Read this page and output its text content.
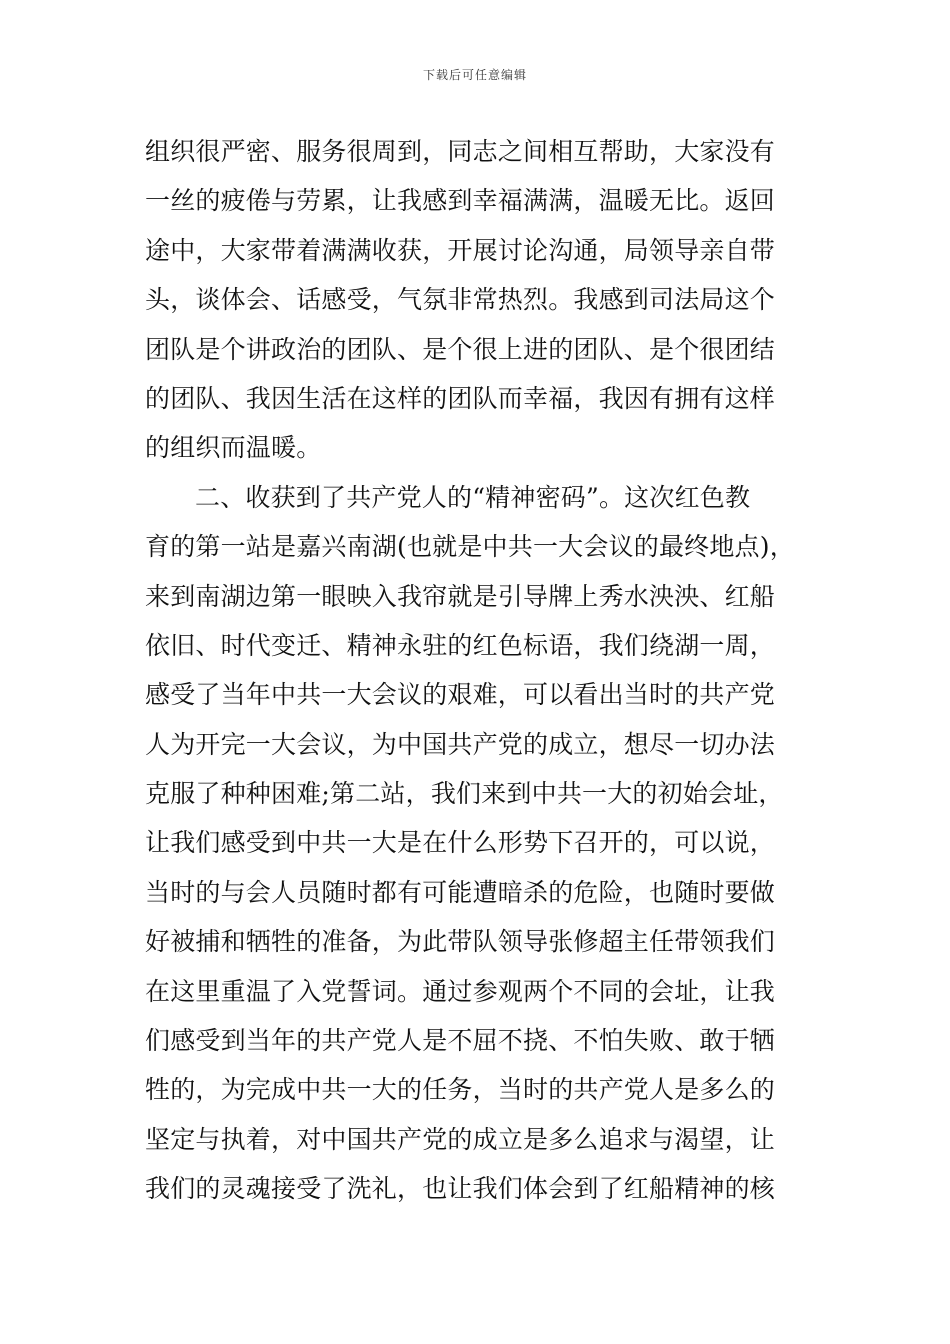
下载后可任意编辑
组织很严密、服务很周到，同志之间相互帮助，大家没有
一丝的疲倦与劳累，让我感到幸福满满，温暖无比。返回
途中，大家带着满满收获，开展讨论沟通，局领导亲自带
头，谈体会、话感受，气氛非常热烈。我感到司法局这个
团队是个讲政治的团队、是个很上进的团队、是个很团结
的团队、我因生活在这样的团队而幸福，我因有拥有这样
的组织而温暖。
二、收获到了共产党人的“精神密码”。这次红色教
育的第一站是嘉兴南湖(也就是中共一大会议的最终地点)，
来到南湖边第一眼映入我帘就是引导牌上秀水泱泱、红船
依旧、时代变迁、精神永驻的红色标语，我们绕湖一周，
感受了当年中共一大会议的艰难，可以看出当时的共产党
人为开完一大会议，为中国共产党的成立，想尽一切办法
克服了种种困难;第二站，我们来到中共一大的初始会址，
让我们感受到中共一大是在什么形势下召开的，可以说，
当时的与会人员随时都有可能遭暗杀的危险，也随时要做
好被捕和牺牲的准备，为此带队领导张修超主任带领我们
在这里重温了入党誓词。通过参观两个不同的会址，让我
们感受到当年的共产党人是不屈不挠、不怕失败、敢于牺
牲的，为完成中共一大的任务，当时的共产党人是多么的
坚定与执着，对中国共产党的成立是多么追求与渴望，让
我们的灵魂接受了洗礼，也让我们体会到了红船精神的核
